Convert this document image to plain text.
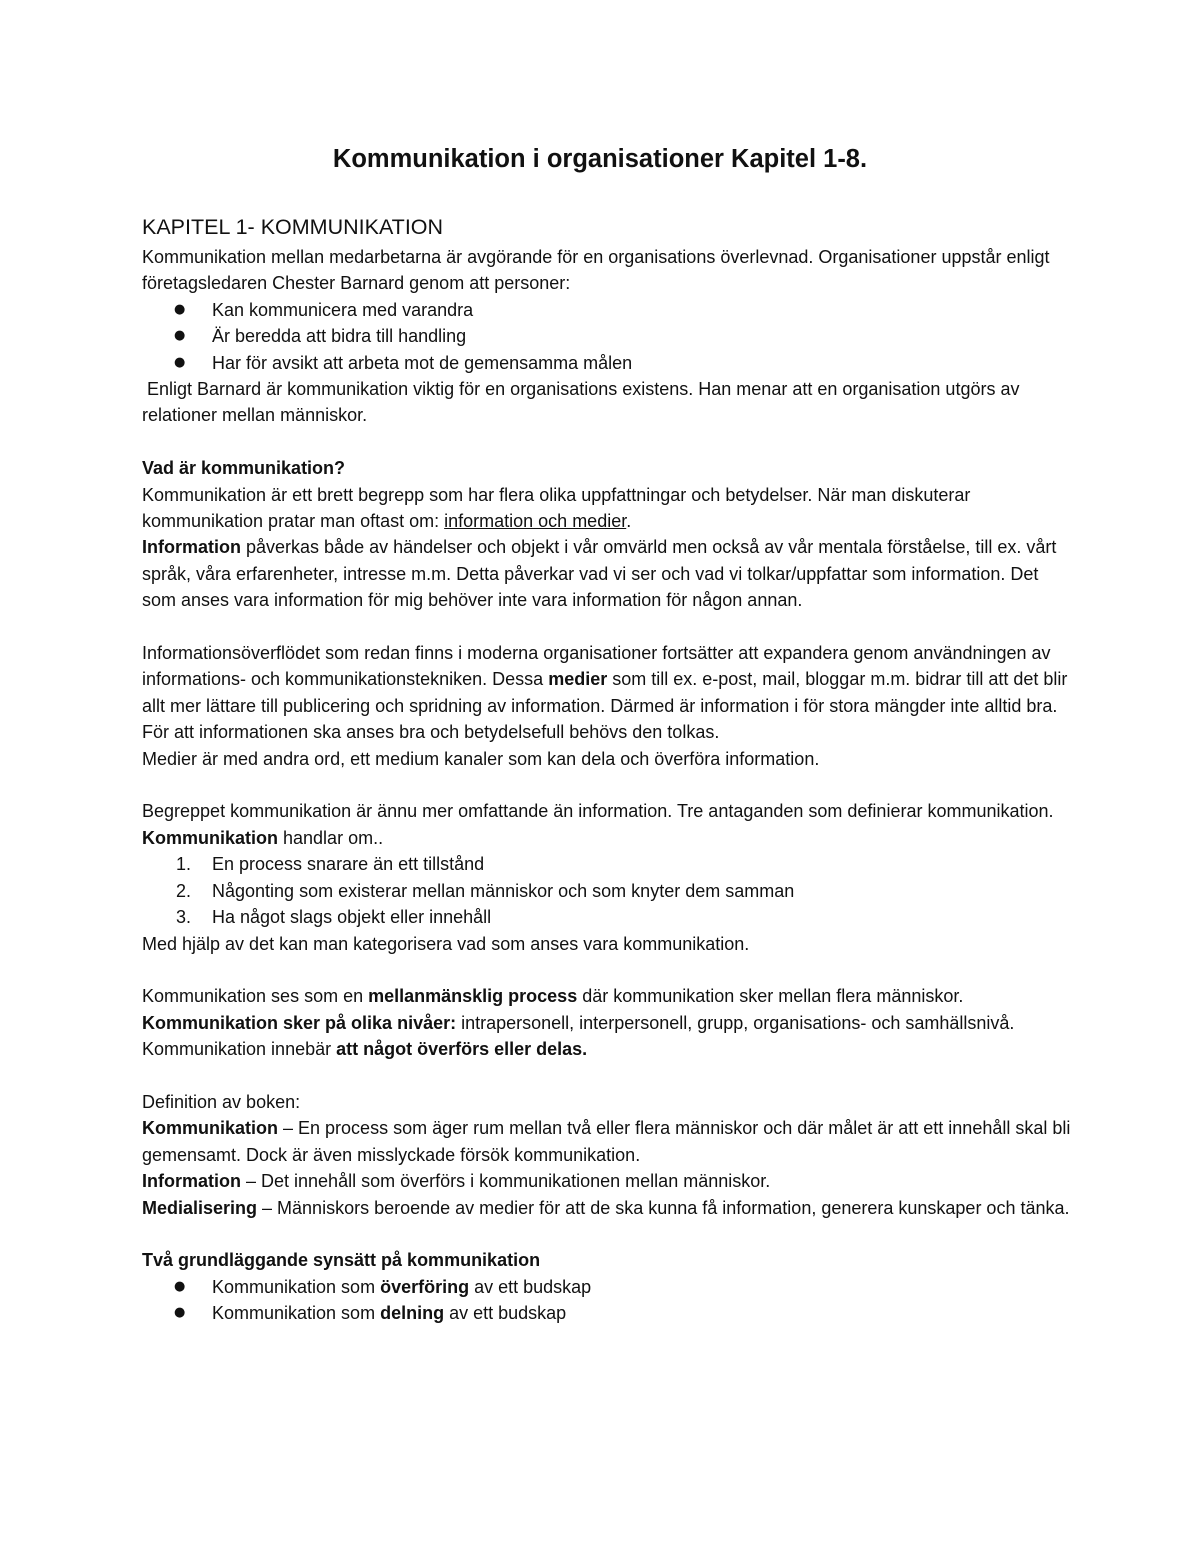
Kommunikation i organisationer Kapitel 1-8.
KAPITEL 1- KOMMUNIKATION

Kommunikation mellan medarbetarna är avgörande för en organisations överlevnad. Organisationer uppstår enligt företagsledaren Chester Barnard genom att personer:

● Kan kommunicera med varandra
● Är beredda att bidra till handling
● Har för avsikt att arbeta mot de gemensamma målen

Enligt Barnard är kommunikation viktig för en organisations existens. Han menar att en organisation utgörs av relationer mellan människor.

Vad är kommunikation?

Kommunikation är ett brett begrepp som har flera olika uppfattningar och betydelser. När man diskuterar kommunikation pratar man oftast om: information och medier.

Information påverkas både av händelser och objekt i vår omvärld men också av vår mentala förståelse, till ex. vårt språk, våra erfarenheter, intresse m.m. Detta påverkar vad vi ser och vad vi tolkar/uppfattar som information. Det som anses vara information för mig behöver inte vara information för någon annan.

Informationsöverflödet som redan finns i moderna organisationer fortsätter att expandera genom användningen av informations- och kommunikationstekniken. Dessa medier som till ex. e-post, mail, bloggar m.m. bidrar till att det blir allt mer lättare till publicering och spridning av information. Därmed är information i för stora mängder inte alltid bra. För att informationen ska anses bra och betydelsefull behövs den tolkas.

Medier är med andra ord, ett medium kanaler som kan dela och överföra information.

Begreppet kommunikation är ännu mer omfattande än information. Tre antaganden som definierar kommunikation. Kommunikation handlar om..

1. En process snarare än ett tillstånd
2. Någonting som existerar mellan människor och som knyter dem samman
3. Ha något slags objekt eller innehåll

Med hjälp av det kan man kategorisera vad som anses vara kommunikation.

Kommunikation ses som en mellanmänsklig process där kommunikation sker mellan flera människor.

Kommunikation sker på olika nivåer: intrapersonell, interpersonell, grupp, organisations- och samhällsnivå.

Kommunikation innebär att något överförs eller delas.

Definition av boken:

Kommunikation – En process som äger rum mellan två eller flera människor och där målet är att ett innehåll skal bli gemensamt. Dock är även misslyckade försök kommunikation.

Information – Det innehåll som överförs i kommunikationen mellan människor.

Medialisering – Människors beroende av medier för att de ska kunna få information, generera kunskaper och tänka.

Två grundläggande synsätt på kommunikation

● Kommunikation som överföring av ett budskap
● Kommunikation som delning av ett budskap
